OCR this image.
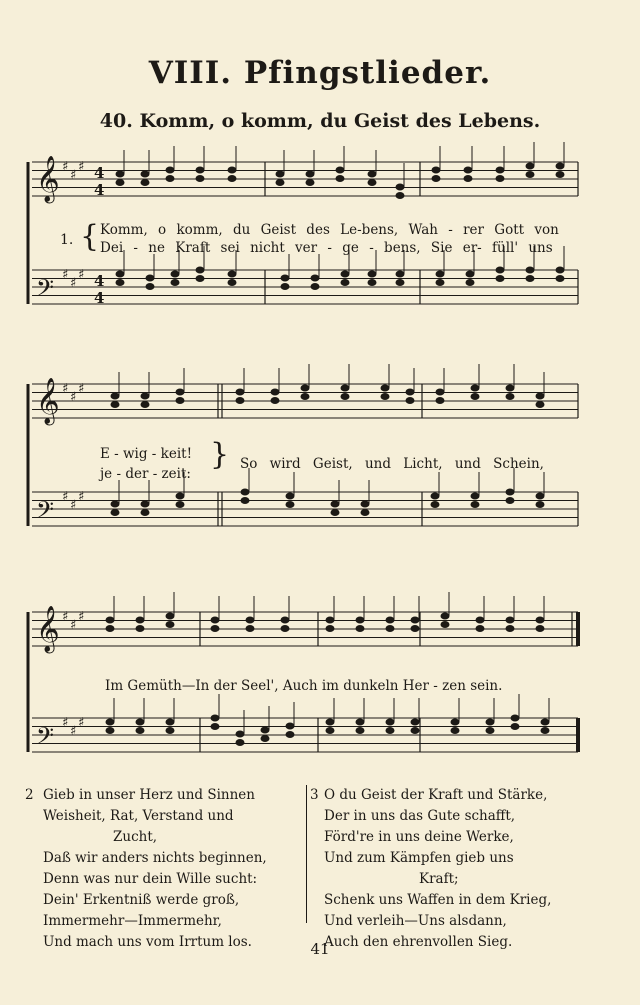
VIII. Pfingstlieder.
40. Komm, o komm, du Geist des Lebens.
𝄞 ♯
♯
♯
𝄢 ♯
♯
♯
𝄞 ♯
♯
♯
𝄢 ♯
♯
♯
𝄞 ♯
♯
♯
𝄢 ♯
♯
♯
4
4
4
4
1. { Komm, o komm, du Geist des Le-bens, Wah - rer Gott von
Dei - ne Kraft sei nicht ver - ge - bens, Sie er- füll' uns
E - wig - keit!
je - der - zeit:
} So wird Geist, und Licht, und Schein,
Im Gemüth—In der Seel', Auch im dunkeln Her - zen sein.
2 Gieb in unser Herz und Sinnen
Weisheit, Rat, Verstand und
Zucht,
Daß wir anders nichts beginnen,
Denn was nur dein Wille sucht:
Dein' Erkentniß werde groß,
Immermehr—Immermehr,
Und mach uns vom Irrtum los.
3 O du Geist der Kraft und Stärke,
Der in uns das Gute schafft,
Förd're in uns deine Werke,
Und zum Kämpfen gieb uns
Kraft;
Schenk uns Waffen in dem Krieg,
Und verleih—Uns alsdann,
Auch den ehrenvollen Sieg.
41
